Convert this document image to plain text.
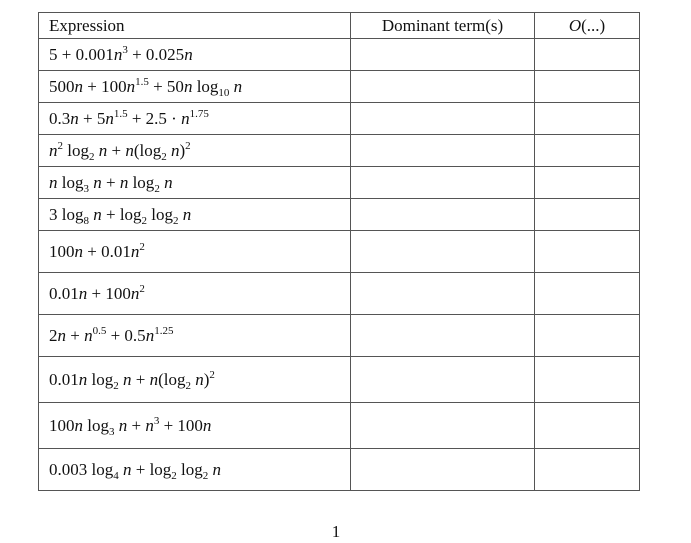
Expression	Dominant term(s)	O(...)
$5 + 0.001n^3 + 0.025n$		
$500n + 100n^{1.5} + 50n$ $\log_{10} n$		
$0.3n + 5n^{1.5} + 2.5 \cdot n^{1.75}$		
$n^2$ $\log_2 n + n(\log_2$ n)$^2$		
n $\log_3 n + n$ $\log_2 n$		
3 $\log_8 n + \log_2 \log_2 n$		
$100n + 0.01n^2$		
$0.01n + 100n^2$		
$2n + n^{0.5} + 0.5n^{1.25}$		
0.01n $\log_2 n + n(\log_2$ n)$^2$		
100n $\log_3 n + n^3 + 100n$		
0.003 $\log_4 n + \log_2 \log_2 n$		
1
